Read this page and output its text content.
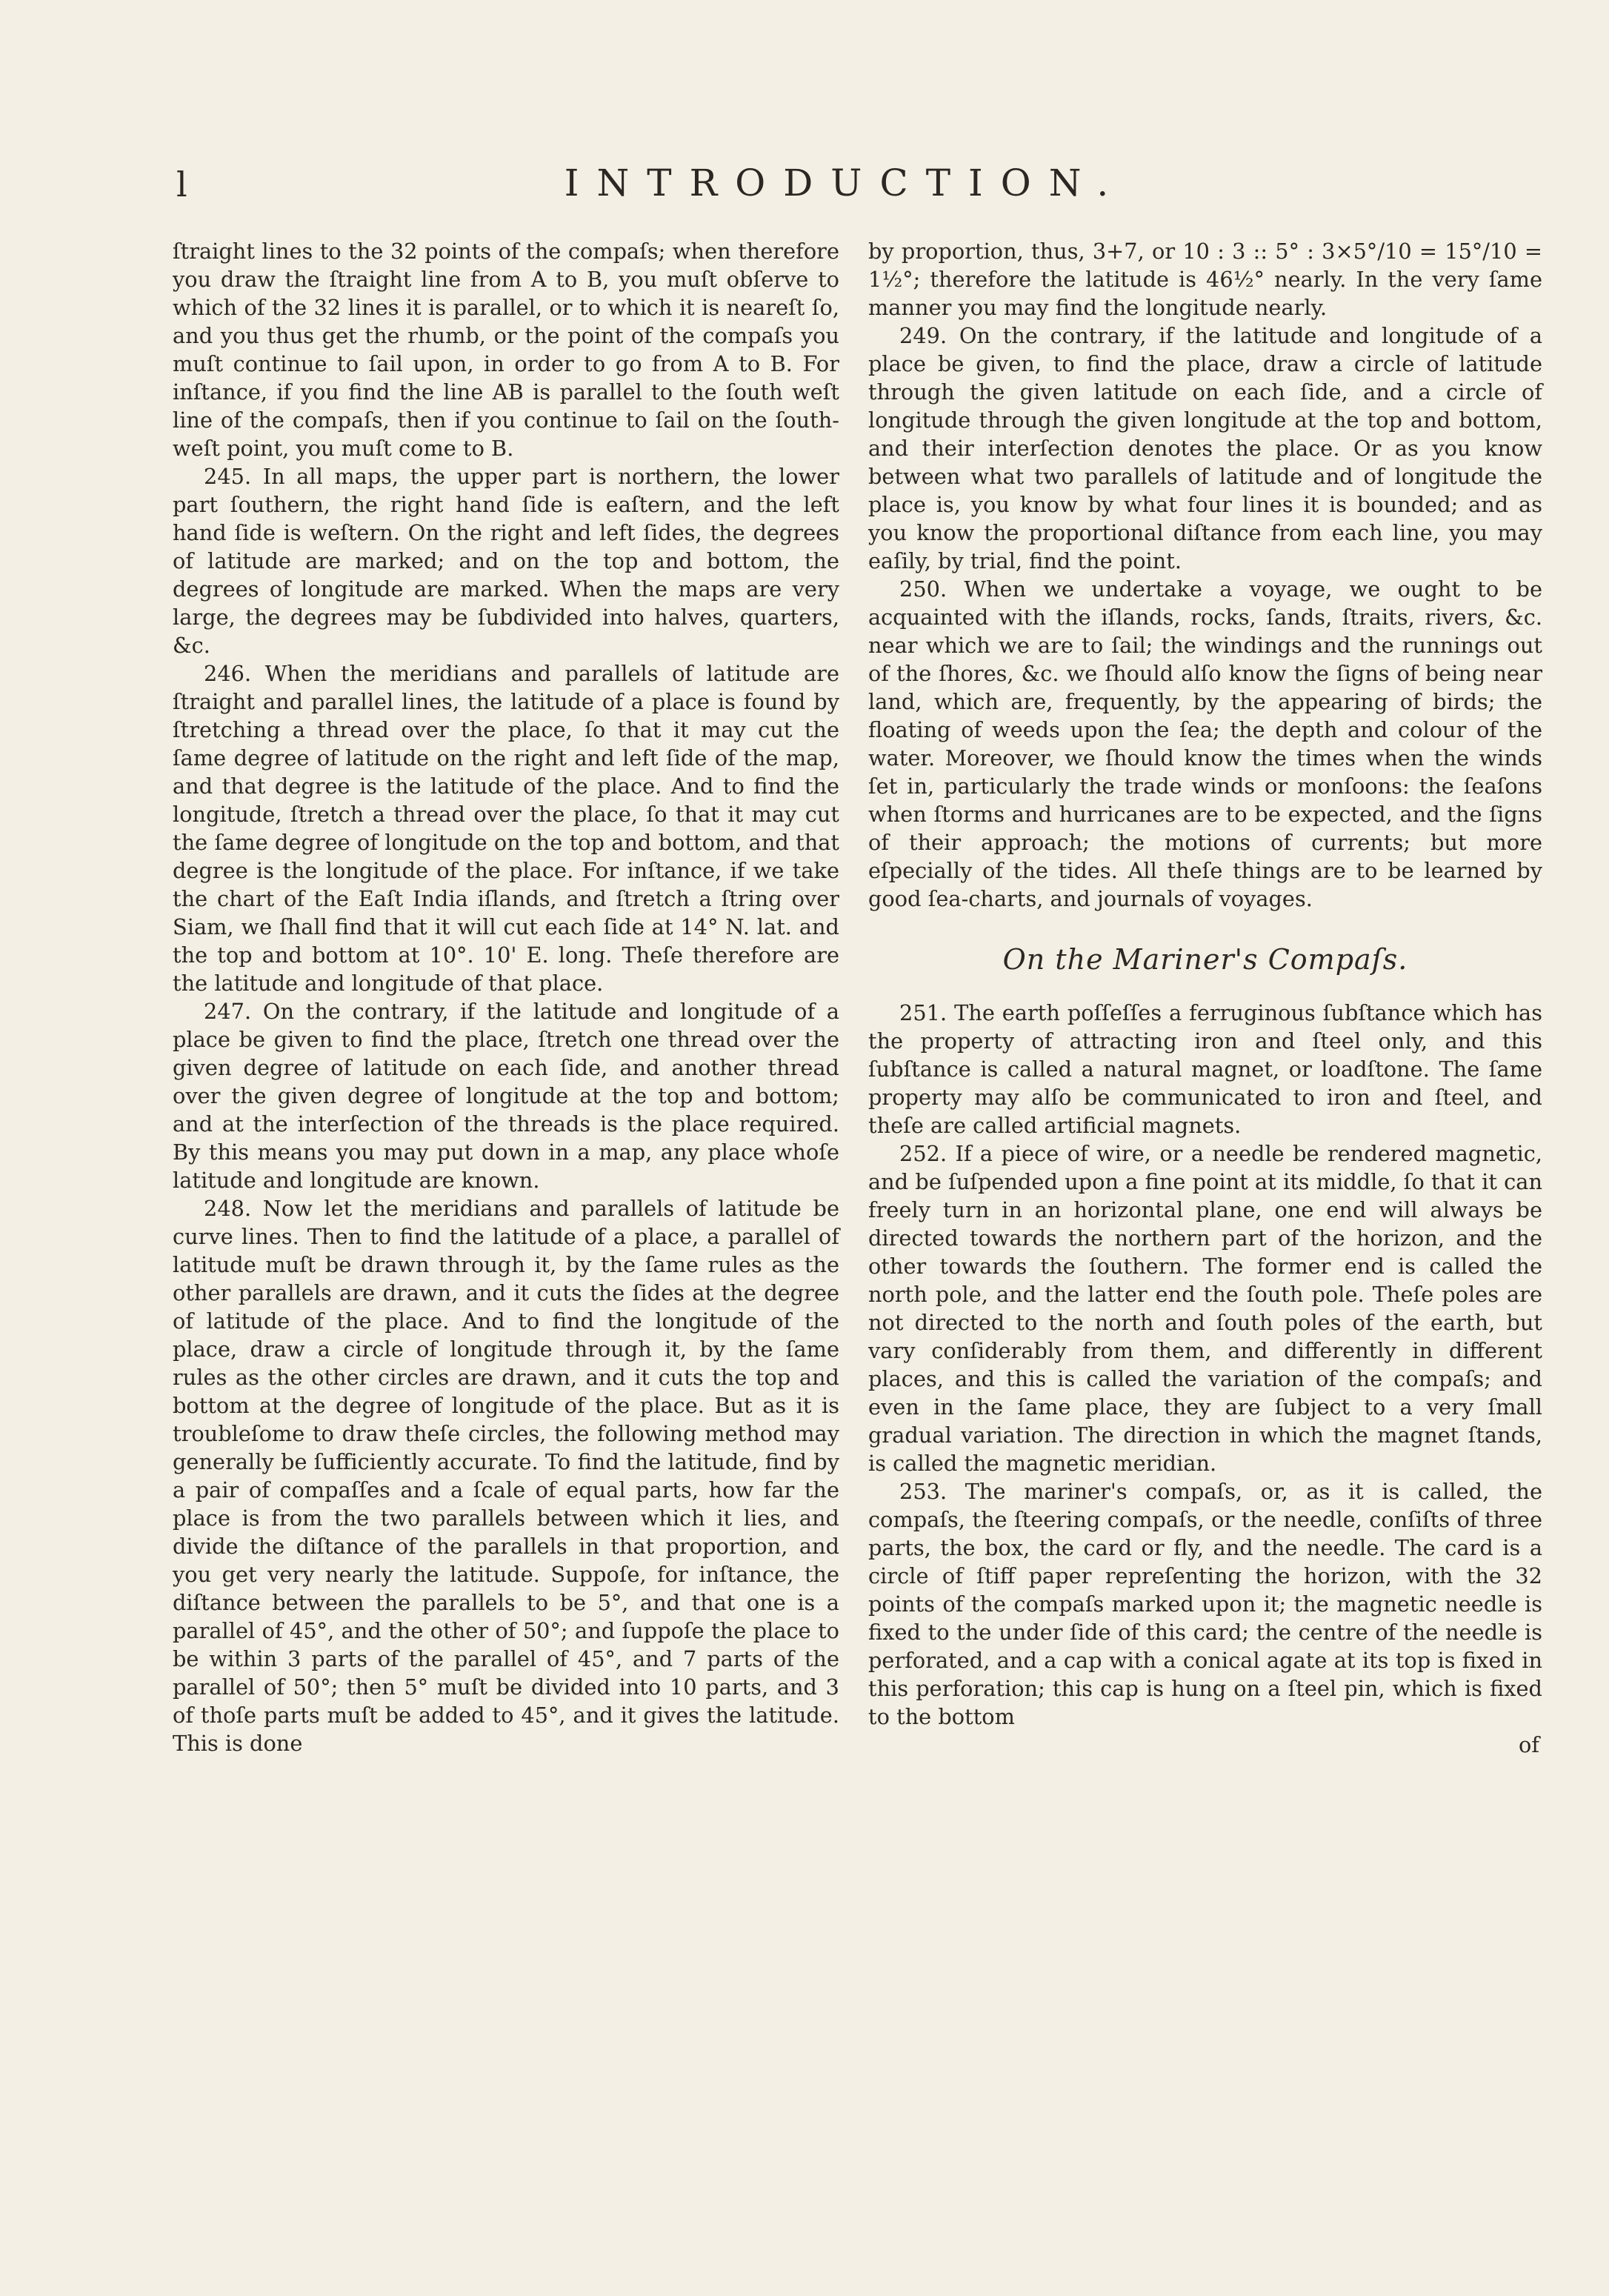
l	INTRODUCTION.

ſtraight lines to the 32 points of the compaſs; when therefore you draw the ſtraight line from A to B, you muſt obſerve to which of the 32 lines it is parallel, or to which it is neareſt ſo, and you thus get the rhumb, or the point of the compaſs you muſt continue to ſail upon, in order to go from A to B. For inſtance, if you find the line AB is parallel to the ſouth weſt line of the compaſs, then if you continue to ſail on the ſouth-weſt point, you muſt come to B.

245. In all maps, the upper part is northern, the lower part ſouthern, the right hand ſide is eaſtern, and the left hand ſide is weſtern. On the right and left ſides, the degrees of latitude are marked; and on the top and bottom, the degrees of longitude are marked. When the maps are very large, the degrees may be ſubdivided into halves, quarters, &c.

246. When the meridians and parallels of latitude are ſtraight and parallel lines, the latitude of a place is found by ſtretching a thread over the place, ſo that it may cut the ſame degree of latitude on the right and left ſide of the map, and that degree is the latitude of the place. And to find the longitude, ſtretch a thread over the place, ſo that it may cut the ſame degree of longitude on the top and bottom, and that degree is the longitude of the place. For inſtance, if we take the chart of the Eaſt India iſlands, and ſtretch a ſtring over Siam, we ſhall find that it will cut each ſide at 14° N. lat. and the top and bottom at 10°. 10' E. long. Theſe therefore are the latitude and longitude of that place.

247. On the contrary, if the latitude and longitude of a place be given to find the place, ſtretch one thread over the given degree of latitude on each ſide, and another thread over the given degree of longitude at the top and bottom; and at the interſection of the threads is the place required. By this means you may put down in a map, any place whoſe latitude and longitude are known.

248. Now let the meridians and parallels of latitude be curve lines. Then to find the latitude of a place, a parallel of latitude muſt be drawn through it, by the ſame rules as the other parallels are drawn, and it cuts the ſides at the degree of latitude of the place. And to find the longitude of the place, draw a circle of longitude through it, by the ſame rules as the other circles are drawn, and it cuts the top and bottom at the degree of longitude of the place. But as it is troubleſome to draw theſe circles, the following method may generally be ſufficiently accurate. To find the latitude, find by a pair of compaſſes and a ſcale of equal parts, how far the place is from the two parallels between which it lies, and divide the diſtance of the parallels in that proportion, and you get very nearly the latitude. Suppoſe, for inſtance, the diſtance between the parallels to be 5°, and that one is a parallel of 45°, and the other of 50°; and ſuppoſe the place to be within 3 parts of the parallel of 45°, and 7 parts of the parallel of 50°; then 5° muſt be divided into 10 parts, and 3 of thoſe parts muſt be added to 45°, and it gives the latitude. This is done

by proportion, thus, 3+7, or 10 : 3 :: 5° : 3×5°/10 = 15°/10 = 1½°; therefore the latitude is 46½° nearly. In the very ſame manner you may find the longitude nearly.

249. On the contrary, if the latitude and longitude of a place be given, to find the place, draw a circle of latitude through the given latitude on each ſide, and a circle of longitude through the given longitude at the top and bottom, and their interſection denotes the place. Or as you know between what two parallels of latitude and of longitude the place is, you know by what four lines it is bounded; and as you know the proportional diſtance from each line, you may eaſily, by trial, find the point.

250. When we undertake a voyage, we ought to be acquainted with the iſlands, rocks, ſands, ſtraits, rivers, &c. near which we are to ſail; the windings and the runnings out of the ſhores, &c. we ſhould alſo know the ſigns of being near land, which are, frequently, by the appearing of birds; the floating of weeds upon the ſea; the depth and colour of the water. Moreover, we ſhould know the times when the winds ſet in, particularly the trade winds or monſoons: the ſeaſons when ſtorms and hurricanes are to be expected, and the ſigns of their approach; the motions of currents; but more eſpecially of the tides. All theſe things are to be learned by good ſea-charts, and journals of voyages.

On the Mariner's Compaſs.

251. The earth poſſeſſes a ferruginous ſubſtance which has the property of attracting iron and ſteel only, and this ſubſtance is called a natural magnet, or loadſtone. The ſame property may alſo be communicated to iron and ſteel, and theſe are called artificial magnets.

252. If a piece of wire, or a needle be rendered magnetic, and be ſuſpended upon a fine point at its middle, ſo that it can freely turn in an horizontal plane, one end will always be directed towards the northern part of the horizon, and the other towards the ſouthern. The former end is called the north pole, and the latter end the ſouth pole. Theſe poles are not directed to the north and ſouth poles of the earth, but vary conſiderably from them, and differently in different places, and this is called the variation of the compaſs; and even in the ſame place, they are ſubject to a very ſmall gradual variation. The direction in which the magnet ſtands, is called the magnetic meridian.

253. The mariner's compaſs, or, as it is called, the compaſs, the ſteering compaſs, or the needle, conſiſts of three parts, the box, the card or fly, and the needle. The card is a circle of ſtiff paper repreſenting the horizon, with the 32 points of the compaſs marked upon it; the magnetic needle is fixed to the under ſide of this card; the centre of the needle is perforated, and a cap with a conical agate at its top is fixed in this perforation; this cap is hung on a ſteel pin, which is fixed to the bottom

of
